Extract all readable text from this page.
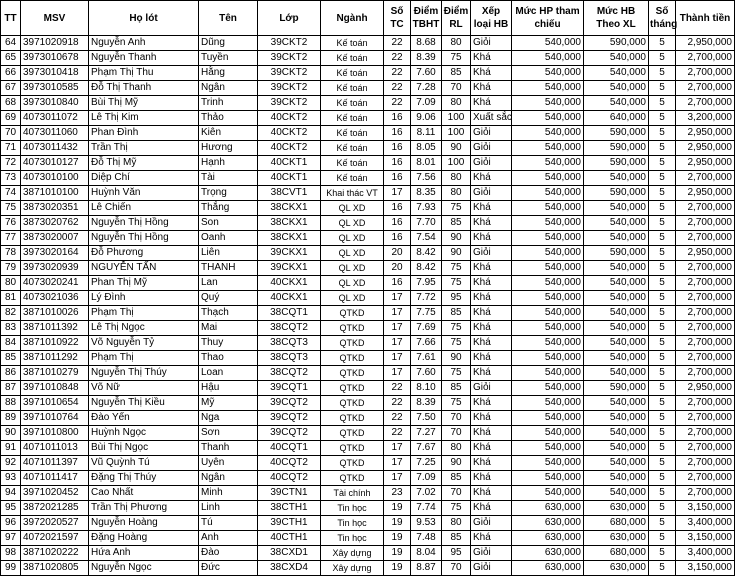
TT	MSV	Họ lót	Tên	Lớp	Ngành	Số TC	Điểm TBHT	Điểm RL	Xếp loại HB	Mức HP tham chiếu	Mức HB Theo XL	Số tháng	Thành tiền
64	3971020918	Nguyễn Anh	Dũng	39CKT2	Kế toán	22	8.68	80	Giỏi	540,000	590,000	5	2,950,000
65	3973010678	Nguyễn Thanh	Tuyền	39CKT2	Kế toán	22	8.39	75	Khá	540,000	540,000	5	2,700,000
66	3973010418	Phạm Thị Thu	Hằng	39CKT2	Kế toán	22	7.60	85	Khá	540,000	540,000	5	2,700,000
67	3973010585	Đỗ Thị Thanh	Ngân	39CKT2	Kế toán	22	7.28	70	Khá	540,000	540,000	5	2,700,000
68	3973010840	Bùi Thị Mỹ	Trinh	39CKT2	Kế toán	22	7.09	80	Khá	540,000	540,000	5	2,700,000
69	4073011072	Lê Thị Kim	Thảo	40CKT2	Kế toán	16	9.06	100	Xuất sắc	540,000	640,000	5	3,200,000
70	4073011060	Phan Đình	Kiên	40CKT2	Kế toán	16	8.11	100	Giỏi	540,000	590,000	5	2,950,000
71	4073011432	Trần Thị	Hương	40CKT2	Kế toán	16	8.05	90	Giỏi	540,000	590,000	5	2,950,000
72	4073010127	Đỗ Thị Mỹ	Hạnh	40CKT1	Kế toán	16	8.01	100	Giỏi	540,000	590,000	5	2,950,000
73	4073010100	Diệp Chí	Tài	40CKT1	Kế toán	16	7.56	80	Khá	540,000	540,000	5	2,700,000
74	3871010100	Huỳnh Văn	Trọng	38CVT1	Khai thác VT	17	8.35	80	Giỏi	540,000	590,000	5	2,950,000
75	3873020351	Lê Chiến	Thắng	38CKX1	QL XD	16	7.93	75	Khá	540,000	540,000	5	2,700,000
76	3873020762	Nguyễn Thị Hồng	Son	38CKX1	QL XD	16	7.70	85	Khá	540,000	540,000	5	2,700,000
77	3873020007	Nguyễn Thị Hồng	Oanh	38CKX1	QL XD	16	7.54	90	Khá	540,000	540,000	5	2,700,000
78	3973020164	Đỗ Phương	Liên	39CKX1	QL XD	20	8.42	90	Giỏi	540,000	590,000	5	2,950,000
79	3973020939	NGUYỄN TẤN	THANH	39CKX1	QL XD	20	8.42	75	Khá	540,000	540,000	5	2,700,000
80	4073020241	Phan Thị Mỹ	Lan	40CKX1	QL XD	16	7.95	75	Khá	540,000	540,000	5	2,700,000
81	4073021036	Lý Đình	Quý	40CKX1	QL XD	17	7.72	95	Khá	540,000	540,000	5	2,700,000
82	3871010026	Phạm Thị	Thạch	38CQT1	QTKD	17	7.75	85	Khá	540,000	540,000	5	2,700,000
83	3871011392	Lê Thị Ngọc	Mai	38CQT2	QTKD	17	7.69	75	Khá	540,000	540,000	5	2,700,000
84	3871010922	Võ Nguyễn Tỷ	Thuy	38CQT3	QTKD	17	7.66	75	Khá	540,000	540,000	5	2,700,000
85	3871011292	Phạm Thị	Thao	38CQT3	QTKD	17	7.61	90	Khá	540,000	540,000	5	2,700,000
86	3871010279	Nguyễn Thị Thúy	Loan	38CQT2	QTKD	17	7.60	75	Khá	540,000	540,000	5	2,700,000
87	3971010848	Võ Nữ	Hậu	39CQT1	QTKD	22	8.10	85	Giỏi	540,000	590,000	5	2,950,000
88	3971010654	Nguyễn Thị Kiều	Mỹ	39CQT2	QTKD	22	8.39	75	Khá	540,000	540,000	5	2,700,000
89	3971010764	Đào Yến	Nga	39CQT2	QTKD	22	7.50	70	Khá	540,000	540,000	5	2,700,000
90	3971010800	Huỳnh Ngọc	Sơn	39CQT2	QTKD	22	7.27	70	Khá	540,000	540,000	5	2,700,000
91	4071011013	Bùi Thị Ngọc	Thanh	40CQT1	QTKD	17	7.67	80	Khá	540,000	540,000	5	2,700,000
92	4071011397	Vũ Quỳnh Tú	Uyên	40CQT2	QTKD	17	7.25	90	Khá	540,000	540,000	5	2,700,000
93	4071011417	Đặng Thị Thúy	Ngân	40CQT2	QTKD	17	7.09	85	Khá	540,000	540,000	5	2,700,000
94	3971020452	Cao Nhất	Minh	39CTN1	Tài chính	23	7.02	70	Khá	540,000	540,000	5	2,700,000
95	3872021285	Trần Thị Phương	Linh	38CTH1	Tin học	19	7.74	75	Khá	630,000	630,000	5	3,150,000
96	3972020527	Nguyễn Hoàng	Tú	39CTH1	Tin học	19	9.53	80	Giỏi	630,000	680,000	5	3,400,000
97	4072021597	Đặng Hoàng	Anh	40CTH1	Tin học	19	7.48	85	Khá	630,000	630,000	5	3,150,000
98	3871020222	Hứa Anh	Đào	38CXD1	Xây dựng	19	8.04	95	Giỏi	630,000	680,000	5	3,400,000
99	3871020805	Nguyễn Ngọc	Đức	38CXD4	Xây dựng	19	8.87	70	Giỏi	630,000	630,000	5	3,150,000
